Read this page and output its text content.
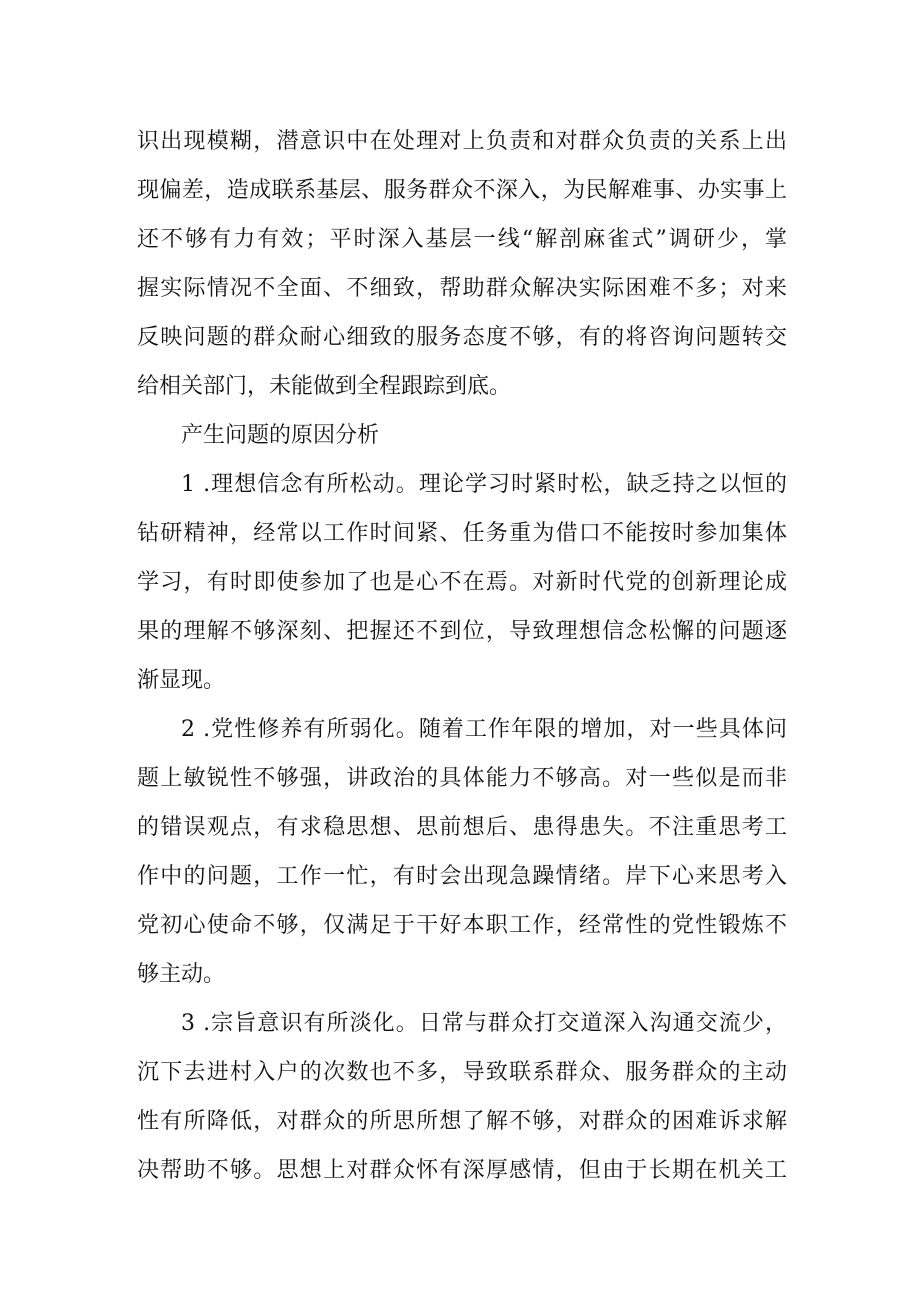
识出现模糊，潜意识中在处理对上负责和对群众负责的关系上出
现偏差，造成联系基层、服务群众不深入，为民解难事、办实事上
还不够有力有效；平时深入基层一线“解剖麻雀式”调研少，掌
握实际情况不全面、不细致，帮助群众解决实际困难不多；对来
反映问题的群众耐心细致的服务态度不够，有的将咨询问题转交
给相关部门，未能做到全程跟踪到底。
产生问题的原因分析
1 .理想信念有所松动。理论学习时紧时松，缺乏持之以恒的
钻研精神，经常以工作时间紧、任务重为借口不能按时参加集体
学习，有时即使参加了也是心不在焉。对新时代党的创新理论成
果的理解不够深刻、把握还不到位，导致理想信念松懈的问题逐
渐显现。
2 .党性修养有所弱化。随着工作年限的增加，对一些具体问
题上敏锐性不够强，讲政治的具体能力不够高。对一些似是而非
的错误观点，有求稳思想、思前想后、患得患失。不注重思考工
作中的问题，工作一忙，有时会出现急躁情绪。岸下心来思考入
党初心使命不够，仅满足于干好本职工作，经常性的党性锻炼不
够主动。
3 .宗旨意识有所淡化。日常与群众打交道深入沟通交流少，
沉下去进村入户的次数也不多，导致联系群众、服务群众的主动
性有所降低，对群众的所思所想了解不够，对群众的困难诉求解
决帮助不够。思想上对群众怀有深厚感情，但由于长期在机关工
